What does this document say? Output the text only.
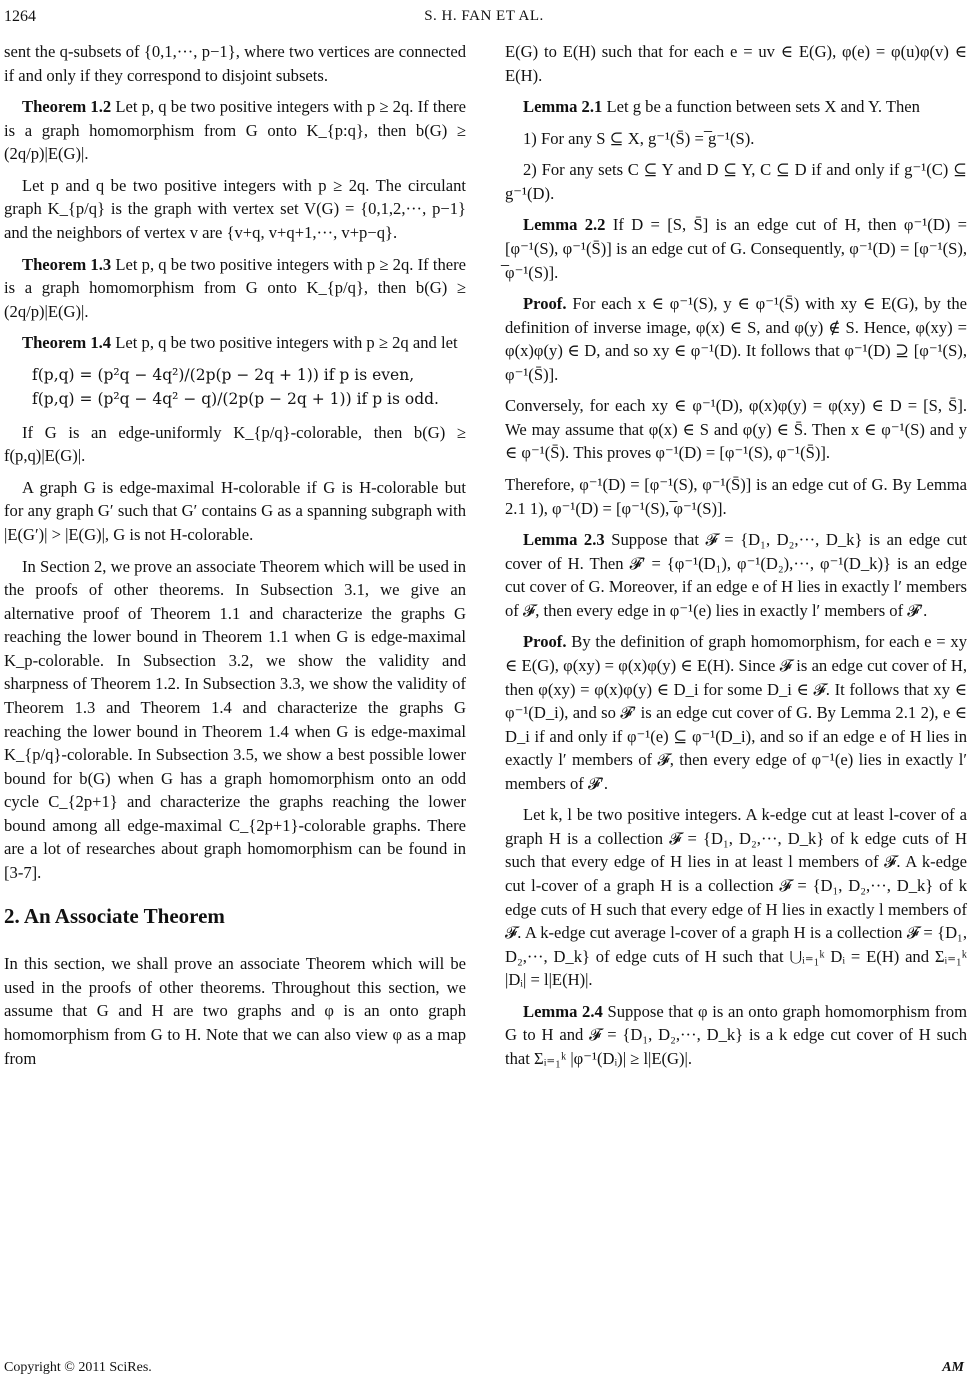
1264	S. H. FAN ET AL.

sent the q-subsets of {0,1,···, p−1}, where two vertices are connected if and only if they correspond to disjoint subsets.

Theorem 1.2 Let p, q be two positive integers with p ≥ 2q. If there is a graph homomorphism from G onto K_{p:q}, then b(G) ≥ (2q/p)|E(G)|.

Let p and q be two positive integers with p ≥ 2q. The circulant graph K_{p/q} is the graph with vertex set V(G) = {0,1,2,···, p−1} and the neighbors of vertex v are {v+q, v+q+1,···, v+p−q}.

Theorem 1.3 Let p, q be two positive integers with p ≥ 2q. If there is a graph homomorphism from G onto K_{p/q}, then b(G) ≥ (2q/p)|E(G)|.

Theorem 1.4 Let p, q be two positive integers with p ≥ 2q and let

f(p,q) = (p²q − 4q²)/(2p(p − 2q + 1)) if p is even,
f(p,q) = (p²q − 4q² − q)/(2p(p − 2q + 1)) if p is odd.

If G is an edge-uniformly K_{p/q}-colorable, then b(G) ≥ f(p,q)|E(G)|.

A graph G is edge-maximal H-colorable if G is H-colorable but for any graph G′ such that G′ contains G as a spanning subgraph with |E(G′)| > |E(G)|, G is not H-colorable.

In Section 2, we prove an associate Theorem which will be used in the proofs of other theorems. In Subsection 3.1, we give an alternative proof of Theorem 1.1 and characterize the graphs G reaching the lower bound in Theorem 1.1 when G is edge-maximal K_p-colorable. In Subsection 3.2, we show the validity and sharpness of Theorem 1.2. In Subsection 3.3, we show the validity of Theorem 1.3 and Theorem 1.4 and characterize the graphs G reaching the lower bound in Theorem 1.4 when G is edge-maximal K_{p/q}-colorable. In Subsection 3.5, we show a best possible lower bound for b(G) when G has a graph homomorphism onto an odd cycle C_{2p+1} and characterize the graphs reaching the lower bound among all edge-maximal C_{2p+1}-colorable graphs. There are a lot of researches about graph homomorphism can be found in [3-7].

2. An Associate Theorem

In this section, we shall prove an associate Theorem which will be used in the proofs of other theorems. Throughout this section, we assume that G and H are two graphs and φ is an onto graph homomorphism from G to H. Note that we can also view φ as a map from

E(G) to E(H) such that for each e = uv ∈ E(G), φ(e) = φ(u)φ(v) ∈ E(H).

Lemma 2.1 Let g be a function between sets X and Y. Then

1) For any S ⊆ X, g⁻¹(S̄) = ̅g⁻¹(S).

2) For any sets C ⊆ Y and D ⊆ Y, C ⊆ D if and only if g⁻¹(C) ⊆ g⁻¹(D).

Lemma 2.2 If D = [S, S̄] is an edge cut of H, then φ⁻¹(D) = [φ⁻¹(S), φ⁻¹(S̄)] is an edge cut of G. Consequently, φ⁻¹(D) = [φ⁻¹(S), ̅φ⁻¹(S)].

Proof. For each x ∈ φ⁻¹(S), y ∈ φ⁻¹(S̄) with xy ∈ E(G), by the definition of inverse image, φ(x) ∈ S, and φ(y) ∉ S. Hence, φ(xy) = φ(x)φ(y) ∈ D, and so xy ∈ φ⁻¹(D). It follows that φ⁻¹(D) ⊇ [φ⁻¹(S), φ⁻¹(S̄)].

Conversely, for each xy ∈ φ⁻¹(D), φ(x)φ(y) = φ(xy) ∈ D = [S, S̄]. We may assume that φ(x) ∈ S and φ(y) ∈ S̄. Then x ∈ φ⁻¹(S) and y ∈ φ⁻¹(S̄). This proves φ⁻¹(D) = [φ⁻¹(S), φ⁻¹(S̄)].

Therefore, φ⁻¹(D) = [φ⁻¹(S), φ⁻¹(S̄)] is an edge cut of G. By Lemma 2.1 1), φ⁻¹(D) = [φ⁻¹(S), ̅φ⁻¹(S)].

Lemma 2.3 Suppose that 𝓕 = {D₁, D₂,···, D_k} is an edge cut cover of H. Then 𝓕′ = {φ⁻¹(D₁), φ⁻¹(D₂),···, φ⁻¹(D_k)} is an edge cut cover of G. Moreover, if an edge e of H lies in exactly l′ members of 𝓕, then every edge in φ⁻¹(e) lies in exactly l′ members of 𝓕′.

Proof. By the definition of graph homomorphism, for each e = xy ∈ E(G), φ(xy) = φ(x)φ(y) ∈ E(H). Since 𝓕 is an edge cut cover of H, then φ(xy) = φ(x)φ(y) ∈ D_i for some D_i ∈ 𝓕. It follows that xy ∈ φ⁻¹(D_i), and so 𝓕′ is an edge cut cover of G. By Lemma 2.1 2), e ∈ D_i if and only if φ⁻¹(e) ⊆ φ⁻¹(D_i), and so if an edge e of H lies in exactly l′ members of 𝓕, then every edge of φ⁻¹(e) lies in exactly l′ members of 𝓕′.

Let k, l be two positive integers. A k-edge cut at least l-cover of a graph H is a collection 𝓕 = {D₁, D₂,···, D_k} of k edge cuts of H such that every edge of H lies in at least l members of 𝓕. A k-edge cut l-cover of a graph H is a collection 𝓕 = {D₁, D₂,···, D_k} of k edge cuts of H such that every edge of H lies in exactly l members of 𝓕. A k-edge cut average l-cover of a graph H is a collection 𝓕 = {D₁, D₂,···, D_k} of edge cuts of H such that ⋃ᵢ₌₁ᵏ Dᵢ = E(H) and Σᵢ₌₁ᵏ |Dᵢ| = l|E(H)|.

Lemma 2.4 Suppose that φ is an onto graph homomorphism from G to H and 𝓕 = {D₁, D₂,···, D_k} is a k edge cut cover of H such that Σᵢ₌₁ᵏ |φ⁻¹(Dᵢ)| ≥ l|E(G)|.

Copyright © 2011 SciRes.	AM
